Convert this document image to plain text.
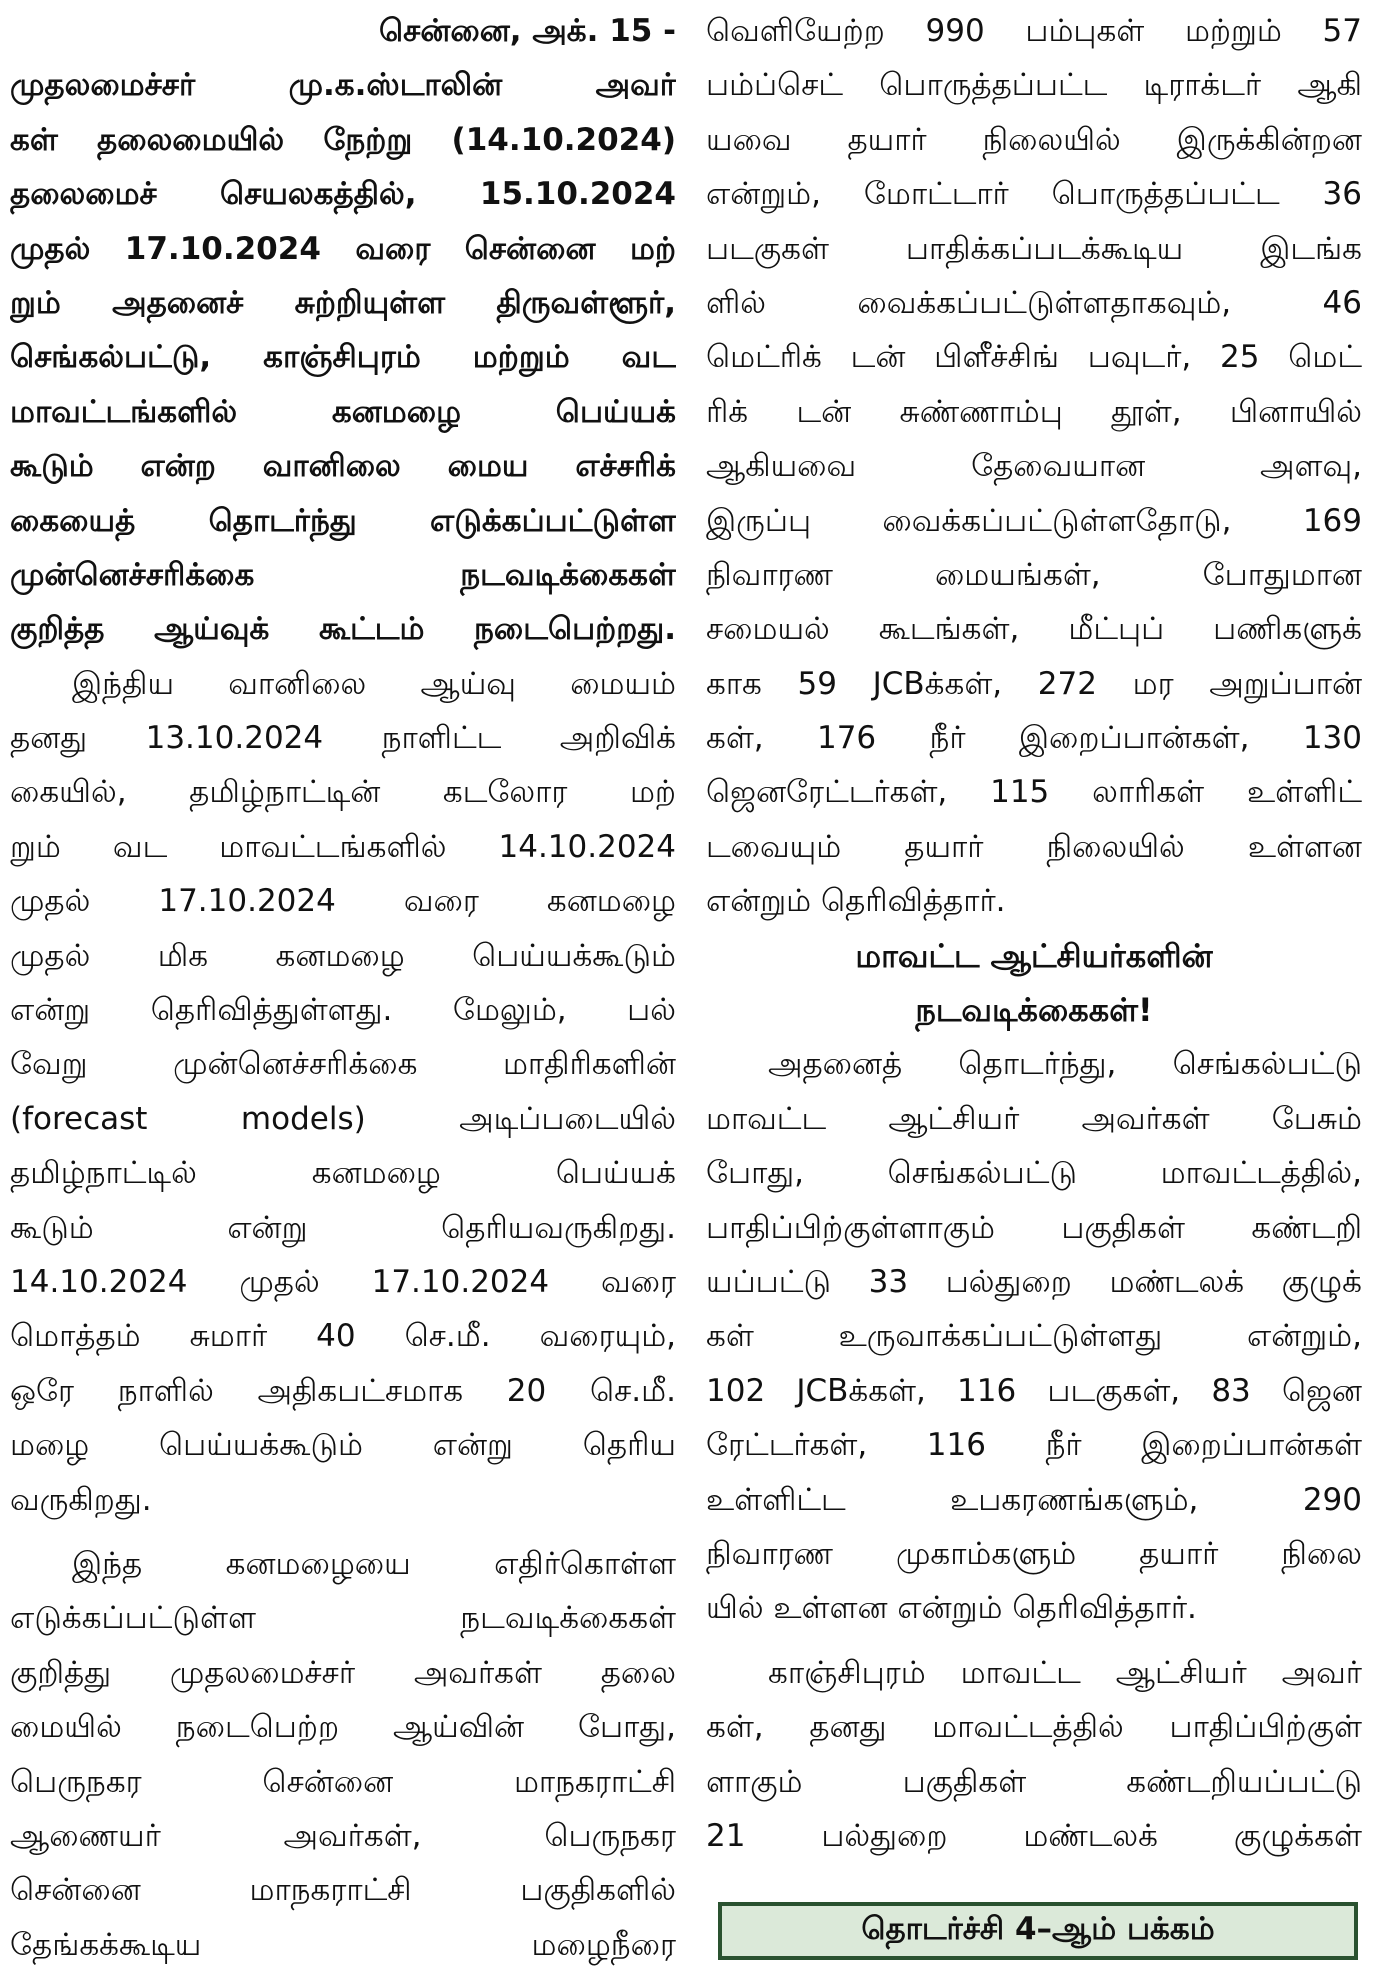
சென்னை, அக். 15 -
முதலமைச்சர் மு.க.ஸ்டாலின் அவர்
கள் தலைமையில் நேற்று (14.10.2024)
தலைமைச் செயலகத்தில், 15.10.2024
முதல் 17.10.2024 வரை சென்னை மற்
றும் அதனைச் சுற்றியுள்ள திருவள்ளூர்,
செங்கல்பட்டு, காஞ்சிபுரம் மற்றும் வட
மாவட்டங்களில் கனமழை பெய்யக்
கூடும் என்ற வானிலை மைய எச்சரிக்
கையைத் தொடர்ந்து எடுக்கப்பட்டுள்ள
முன்னெச்சரிக்கை நடவடிக்கைகள்
குறித்த ஆய்வுக் கூட்டம் நடைபெற்றது.
இந்திய வானிலை ஆய்வு மையம்
தனது 13.10.2024 நாளிட்ட அறிவிக்
கையில், தமிழ்நாட்டின் கடலோர மற்
றும் வட மாவட்டங்களில் 14.10.2024
முதல் 17.10.2024 வரை கனமழை
முதல் மிக கனமழை பெய்யக்கூடும்
என்று தெரிவித்துள்ளது. மேலும், பல்
வேறு முன்னெச்சரிக்கை மாதிரிகளின்
(forecast models) அடிப்படையில்
தமிழ்நாட்டில் கனமழை பெய்யக்
கூடும் என்று தெரியவருகிறது.
14.10.2024 முதல் 17.10.2024 வரை
மொத்தம் சுமார் 40 செ.மீ. வரையும்,
ஒரே நாளில் அதிகபட்சமாக 20 செ.மீ.
மழை பெய்யக்கூடும் என்று தெரிய
வருகிறது.
இந்த கனமழையை எதிர்கொள்ள
எடுக்கப்பட்டுள்ள நடவடிக்கைகள்
குறித்து முதலமைச்சர் அவர்கள் தலை
மையில் நடைபெற்ற ஆய்வின் போது,
பெருநகர சென்னை மாநகராட்சி
ஆணையர் அவர்கள், பெருநகர
சென்னை மாநகராட்சி பகுதிகளில்
தேங்கக்கூடிய மழைநீரை
வெளியேற்ற 990 பம்புகள் மற்றும் 57
பம்ப்செட் பொருத்தப்பட்ட டிராக்டர் ஆகி
யவை தயார் நிலையில் இருக்கின்றன
என்றும், மோட்டார் பொருத்தப்பட்ட 36
படகுகள் பாதிக்கப்படக்கூடிய இடங்க
ளில் வைக்கப்பட்டுள்ளதாகவும், 46
மெட்ரிக் டன் பிளீச்சிங் பவுடர், 25 மெட்
ரிக் டன் சுண்ணாம்பு தூள், பினாயில்
ஆகியவை தேவையான அளவு,
இருப்பு வைக்கப்பட்டுள்ளதோடு, 169
நிவாரண மையங்கள், போதுமான
சமையல் கூடங்கள், மீட்புப் பணிகளுக்
காக 59 JCBக்கள், 272 மர அறுப்பான்
கள், 176 நீர் இறைப்பான்கள், 130
ஜெனரேட்டர்கள், 115 லாரிகள் உள்ளிட்
டவையும் தயார் நிலையில் உள்ளன
என்றும் தெரிவித்தார்.
மாவட்ட ஆட்சியர்களின்
நடவடிக்கைகள்!
அதனைத் தொடர்ந்து, செங்கல்பட்டு
மாவட்ட ஆட்சியர் அவர்கள் பேசும்
போது, செங்கல்பட்டு மாவட்டத்தில்,
பாதிப்பிற்குள்ளாகும் பகுதிகள் கண்டறி
யப்பட்டு 33 பல்துறை மண்டலக் குழுக்
கள் உருவாக்கப்பட்டுள்ளது என்றும்,
102 JCBக்கள், 116 படகுகள், 83 ஜென
ரேட்டர்கள், 116 நீர் இறைப்பான்கள்
உள்ளிட்ட உபகரணங்களும், 290
நிவாரண முகாம்களும் தயார் நிலை
யில் உள்ளன என்றும் தெரிவித்தார்.
காஞ்சிபுரம் மாவட்ட ஆட்சியர் அவர்
கள், தனது மாவட்டத்தில் பாதிப்பிற்குள்
ளாகும் பகுதிகள் கண்டறியப்பட்டு
21 பல்துறை மண்டலக் குழுக்கள்
தொடர்ச்சி 4–ஆம் பக்கம்
